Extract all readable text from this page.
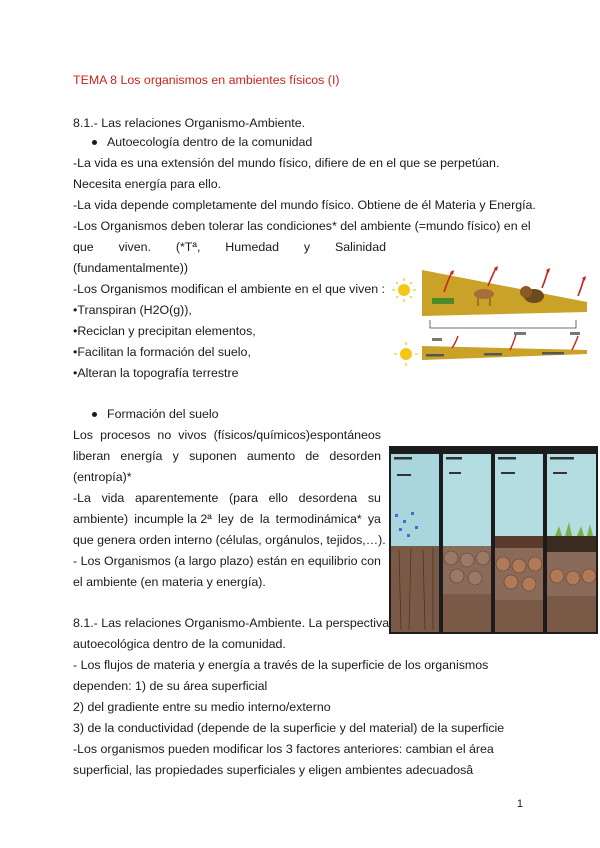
TEMA 8 Los organismos en ambientes físicos (I)
8.1.- Las relaciones Organismo-Ambiente.
Autoecología dentro de la comunidad
-La vida es una extensión del mundo físico, difiere de en el que se perpetúan.
Necesita energía para ello.
-La vida depende completamente del mundo físico. Obtiene de él Materia y Energía.
-Los Organismos deben tolerar las condiciones* del ambiente (=mundo físico) en el
que viven. (*Tª, Humedad y Salinidad
(fundamentalmente))
-Los Organismos modifican el ambiente en el que viven :
•Transpiran (H2O(g)),
•Reciclan y precipitan elementos,
•Facilitan la formación del suelo,
•Alteran la topografía terrestre
Formación del suelo
Los procesos no vivos (físicos/químicos)espontáneos
liberan energía y suponen aumento de desorden
(entropía)*
-La vida aparentemente (para ello desordena su
ambiente) incumple la 2ª ley de la termodinámica* ya
que genera orden interno (células, orgánulos, tejidos,…).
- Los Organismos (a largo plazo) están en equilibrio con
el ambiente (en materia y energía).
8.1.- Las relaciones Organismo-Ambiente. La perspectiva
autoecológica dentro de la comunidad.
- Los flujos de materia y energía a través de la superficie de los organismos
dependen: 1) de su área superficial
2) del gradiente entre su medio interno/externo
3) de la conductividad (depende de la superficie y del material) de la superficie
-Los organismos pueden modificar los 3 factores anteriores: cambian el área
superficial, las propiedades superficiales y eligen ambientes adecuadosâ
1
